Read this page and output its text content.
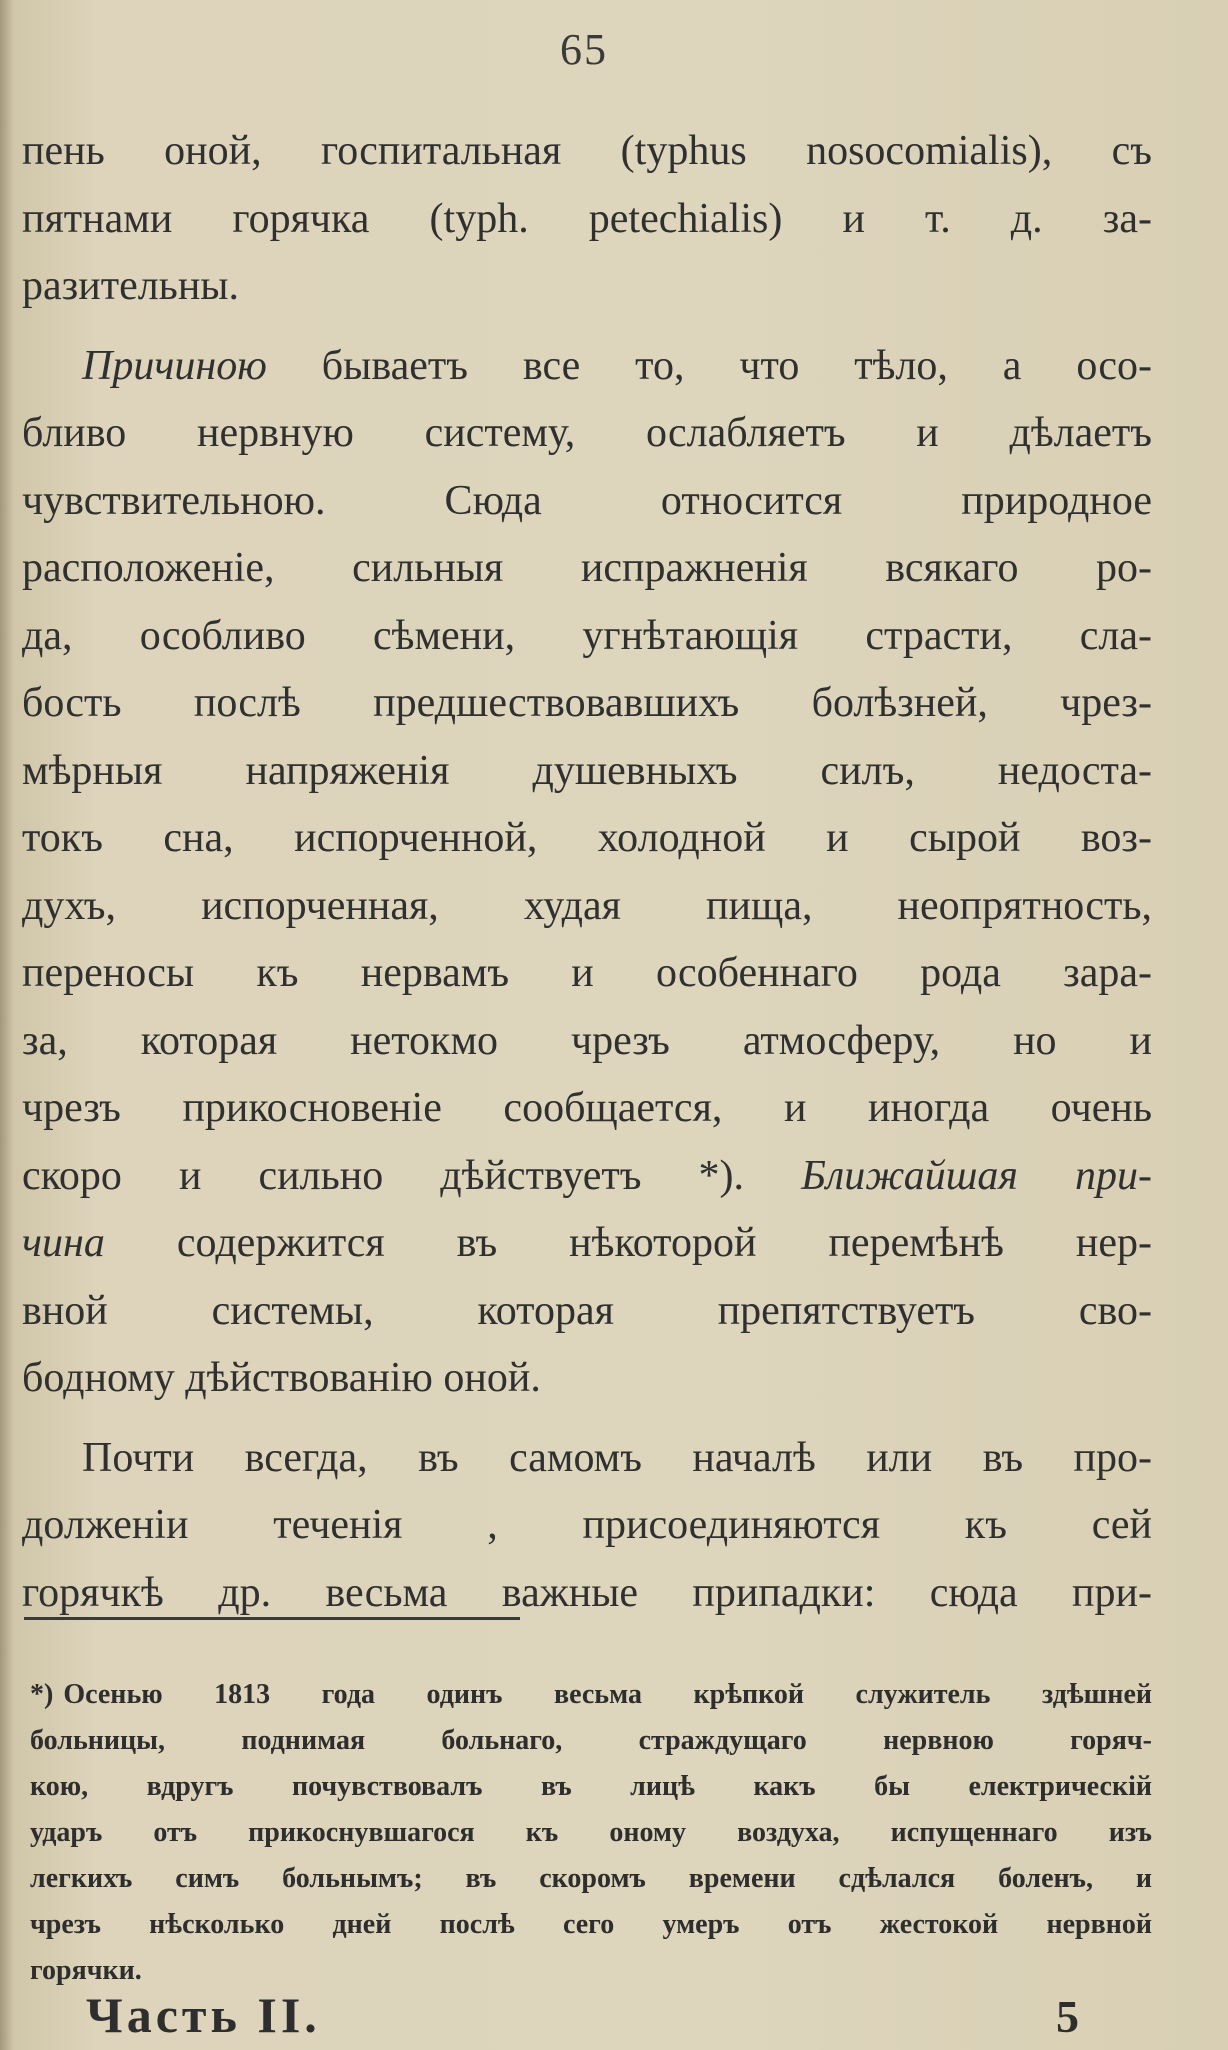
65

пень оной, госпитальная (typhus nosocomialis), съ
пятнами горячка (typh. petechialis) и т. д. за-
разительны.

Причиною бываетъ все то, что тѣло, а осо-
бливо нервную систему, ослабляетъ и дѣлаетъ
чувствительною. Сюда относится природное
расположеніе, сильныя испражненія всякаго ро-
да, особливо сѣмени, угнѣтающія страсти, сла-
бость послѣ предшествовавшихъ болѣзней, чрез-
мѣрныя напряженія душевныхъ силъ, недоста-
токъ сна, испорченной, холодной и сырой воз-
духъ, испорченная, худая пища, неопрятность,
переносы къ нервамъ и особеннаго рода зара-
за, которая нетокмо чрезъ атмосферу, но и
чрезъ прикосновеніе сообщается, и иногда очень
скоро и сильно дѣйствуетъ *). Ближайшая при-
чина содержится въ нѣкоторой перемѣнѣ нер-
вной системы, которая препятствуетъ сво-
бодному дѣйствованію оной.

Почти всегда, въ самомъ началѣ или въ про-
долженіи теченія , присоединяются къ сей
горячкѣ др. весьма важные припадки: сюда при-

*) Осенью 1813 года одинъ весьма крѣпкой служитель здѣшней
больницы, поднимая больнаго, страждущаго нервною горяч-
кою, вдругъ почувствовалъ въ лицѣ какъ бы електрическій
ударъ отъ прикоснувшагося къ оному воздуха, испущеннаго изъ
легкихъ симъ больнымъ; въ скоромъ времени сдѣлался боленъ, и
чрезъ нѣсколько дней послѣ сего умеръ отъ жестокой нервной
горячки.
Часть II.	5
